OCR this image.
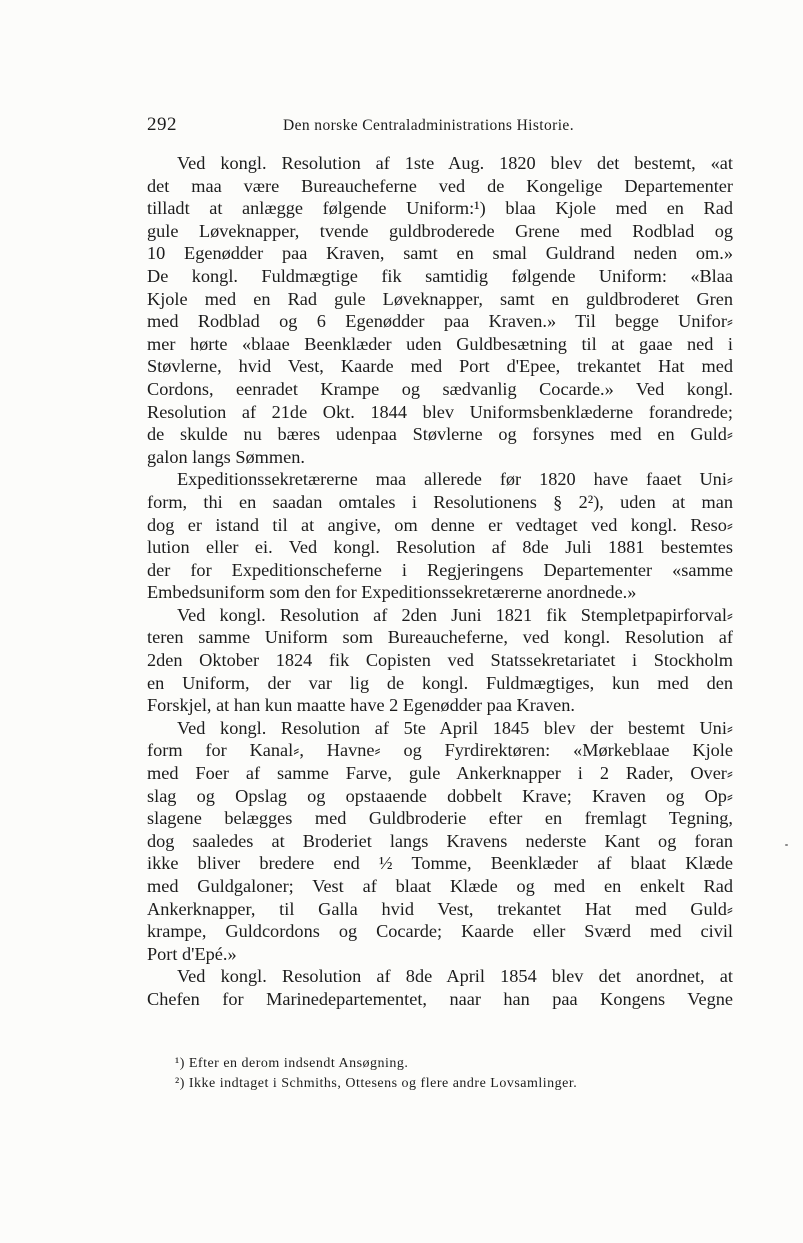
292	Den norske Centraladministrations Historie.
Ved kongl. Resolution af 1ste Aug. 1820 blev det bestemt, «at
det maa være Bureaucheferne ved de Kongelige Departementer
tilladt at anlægge følgende Uniform:¹) blaa Kjole med en Rad
gule Løveknapper, tvende guldbroderede Grene med Rodblad og
10 Egenødder paa Kraven, samt en smal Guldrand neden om.»
De kongl. Fuldmægtige fik samtidig følgende Uniform: «Blaa
Kjole med en Rad gule Løveknapper, samt en guldbroderet Gren
med Rodblad og 6 Egenødder paa Kraven.» Til begge Unifor⸗
mer hørte «blaae Beenklæder uden Guldbesætning til at gaae ned i
Støvlerne, hvid Vest, Kaarde med Port d'Epee, trekantet Hat med
Cordons, eenradet Krampe og sædvanlig Cocarde.» Ved kongl.
Resolution af 21de Okt. 1844 blev Uniformsbenklæderne forandrede;
de skulde nu bæres udenpaa Støvlerne og forsynes med en Guld⸗
galon langs Sømmen.
Expeditionssekretærerne maa allerede før 1820 have faaet Uni⸗
form, thi en saadan omtales i Resolutionens § 2²), uden at man
dog er istand til at angive, om denne er vedtaget ved kongl. Reso⸗
lution eller ei. Ved kongl. Resolution af 8de Juli 1881 bestemtes
der for Expeditionscheferne i Regjeringens Departementer «samme
Embedsuniform som den for Expeditionssekretærerne anordnede.»
Ved kongl. Resolution af 2den Juni 1821 fik Stempletpapirforval⸗
teren samme Uniform som Bureaucheferne, ved kongl. Resolution af
2den Oktober 1824 fik Copisten ved Statssekretariatet i Stockholm
en Uniform, der var lig de kongl. Fuldmægtiges, kun med den
Forskjel, at han kun maatte have 2 Egenødder paa Kraven.
Ved kongl. Resolution af 5te April 1845 blev der bestemt Uni⸗
form for Kanal⸗, Havne⸗ og Fyrdirektøren: «Mørkeblaae Kjole
med Foer af samme Farve, gule Ankerknapper i 2 Rader, Over⸗
slag og Opslag og opstaaende dobbelt Krave; Kraven og Op⸗
slagene belægges med Guldbroderie efter en fremlagt Tegning,
dog saaledes at Broderiet langs Kravens nederste Kant og foran
ikke bliver bredere end ½ Tomme, Beenklæder af blaat Klæde
med Guldgaloner; Vest af blaat Klæde og med en enkelt Rad
Ankerknapper, til Galla hvid Vest, trekantet Hat med Guld⸗
krampe, Guldcordons og Cocarde; Kaarde eller Sværd med civil
Port d'Epé.»
Ved kongl. Resolution af 8de April 1854 blev det anordnet, at
Chefen for Marinedepartementet, naar han paa Kongens Vegne
¹) Efter en derom indsendt Ansøgning.
²) Ikke indtaget i Schmiths, Ottesens og flere andre Lovsamlinger.
